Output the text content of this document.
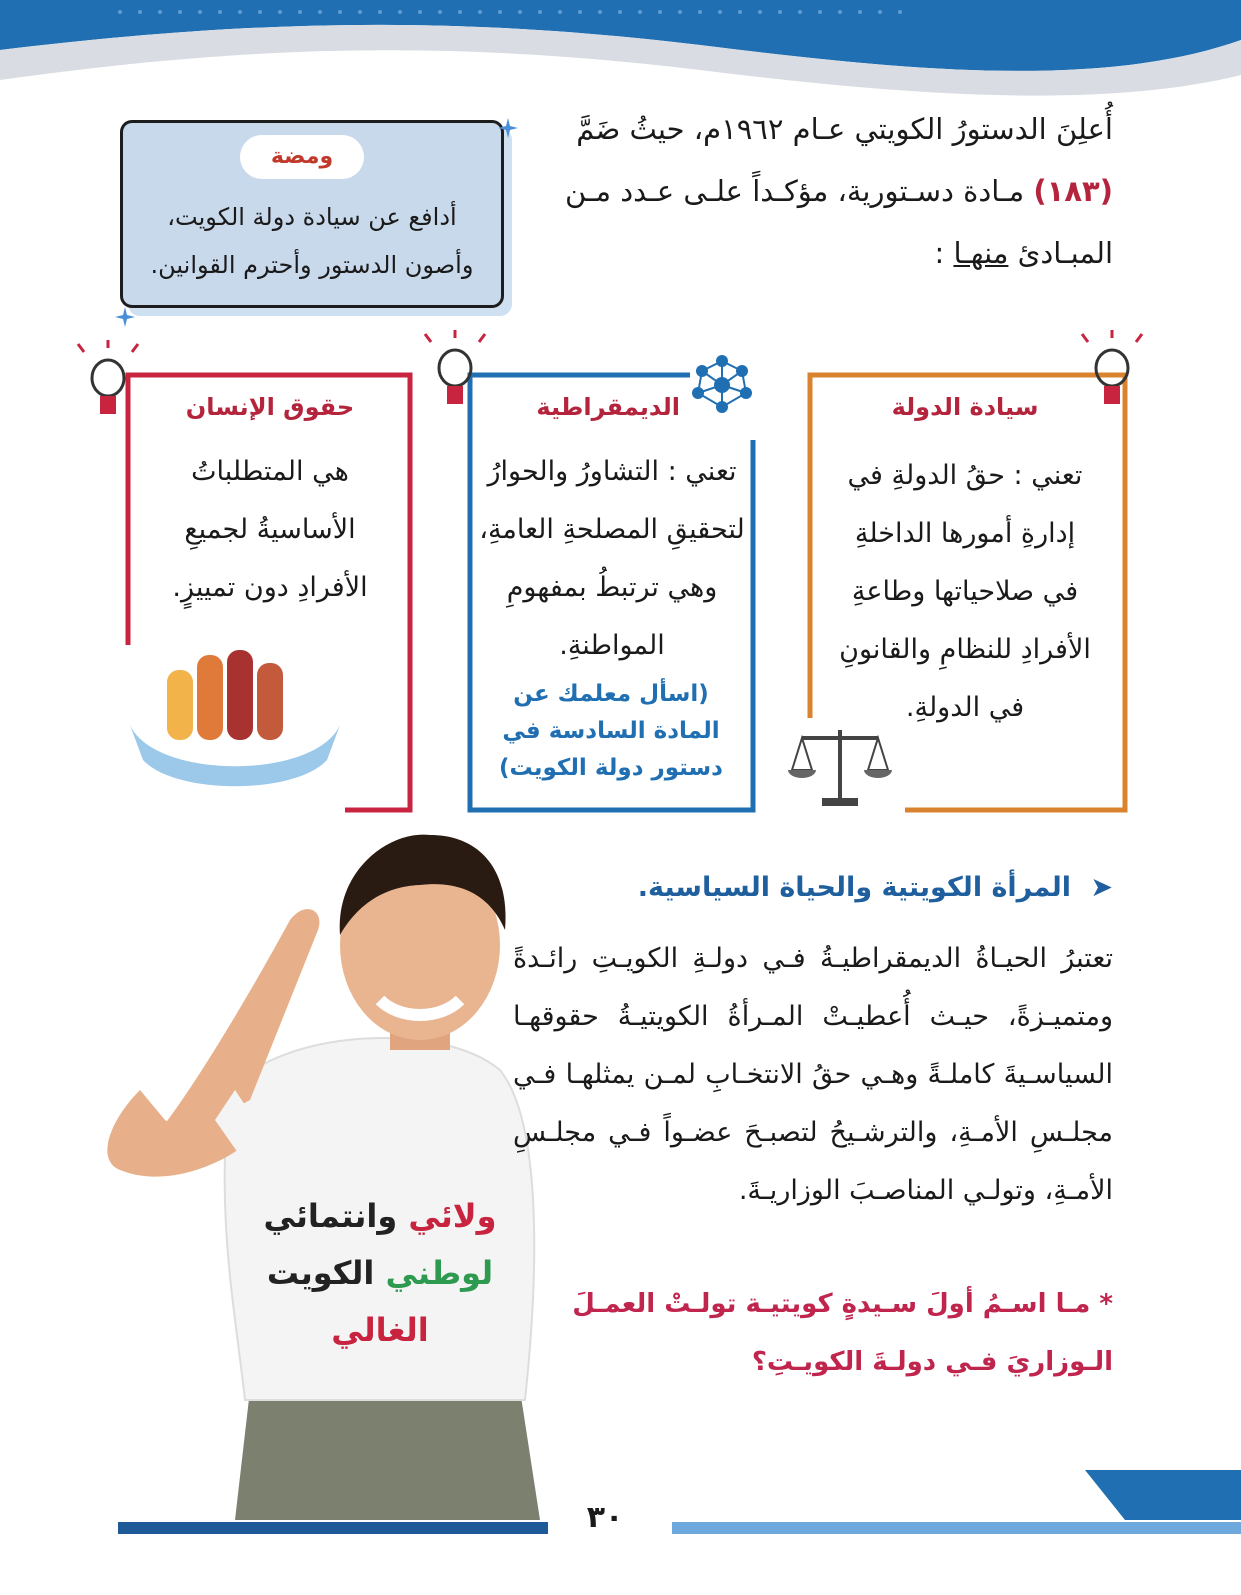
أُعلِنَ الدستورُ الكويتي عـام ١٩٦٢م، حيثُ ضَمَّ
(١٨٣) مـادة دسـتورية، مؤكـداً علـى عـدد مـن
المبـادئ منهـا :
ومضة
أدافع عن سيادة دولة الكويت،
وأصون الدستور وأحترم القوانين.
سيادة الدولة
تعني : حقُ الدولةِ في
إدارةِ أمورها الداخلةِ
في صلاحياتها وطاعةِ
الأفرادِ للنظامِ والقانونِ
في الدولةِ.
الديمقراطية
تعني : التشاورُ والحوارُ
لتحقيقِ المصلحةِ العامةِ،
وهي ترتبطُ بمفهومِ
المواطنةِ.
(اسأل معلمك عن المادة السادسة في دستور دولة الكويت)
حقوق الإنسان
هي المتطلباتُ
الأساسيةُ لجميعِ
الأفرادِ دون تمييزٍ.
ولائي وانتمائي
لوطني الكويت
الغالي
➤ المرأة الكويتية والحياة السياسية.
تعتبرُ الحيـاةُ الديمقراطيـةُ فـي دولـةِ الكويـتِ رائـدةً ومتميـزةً، حيـث أُعطيـتْ المـرأةُ الكويتيـةُ حقوقهـا السياسـيةَ كاملـةً وهـي حقُ الانتخـابِ لمـن يمثلهـا فـي مجلـسِ الأمـةِ، والترشـيحُ لتصبـحَ عضـواً فـي مجلـسِ الأمـةِ، وتولـي المناصـبَ الوزاريـةَ.
* مـا اسـمُ أولَ سـيدةٍ كويتيـة تولـتْ العمـلَ الـوزاريَ فـي دولـةَ الكويـتِ؟
٣٠
